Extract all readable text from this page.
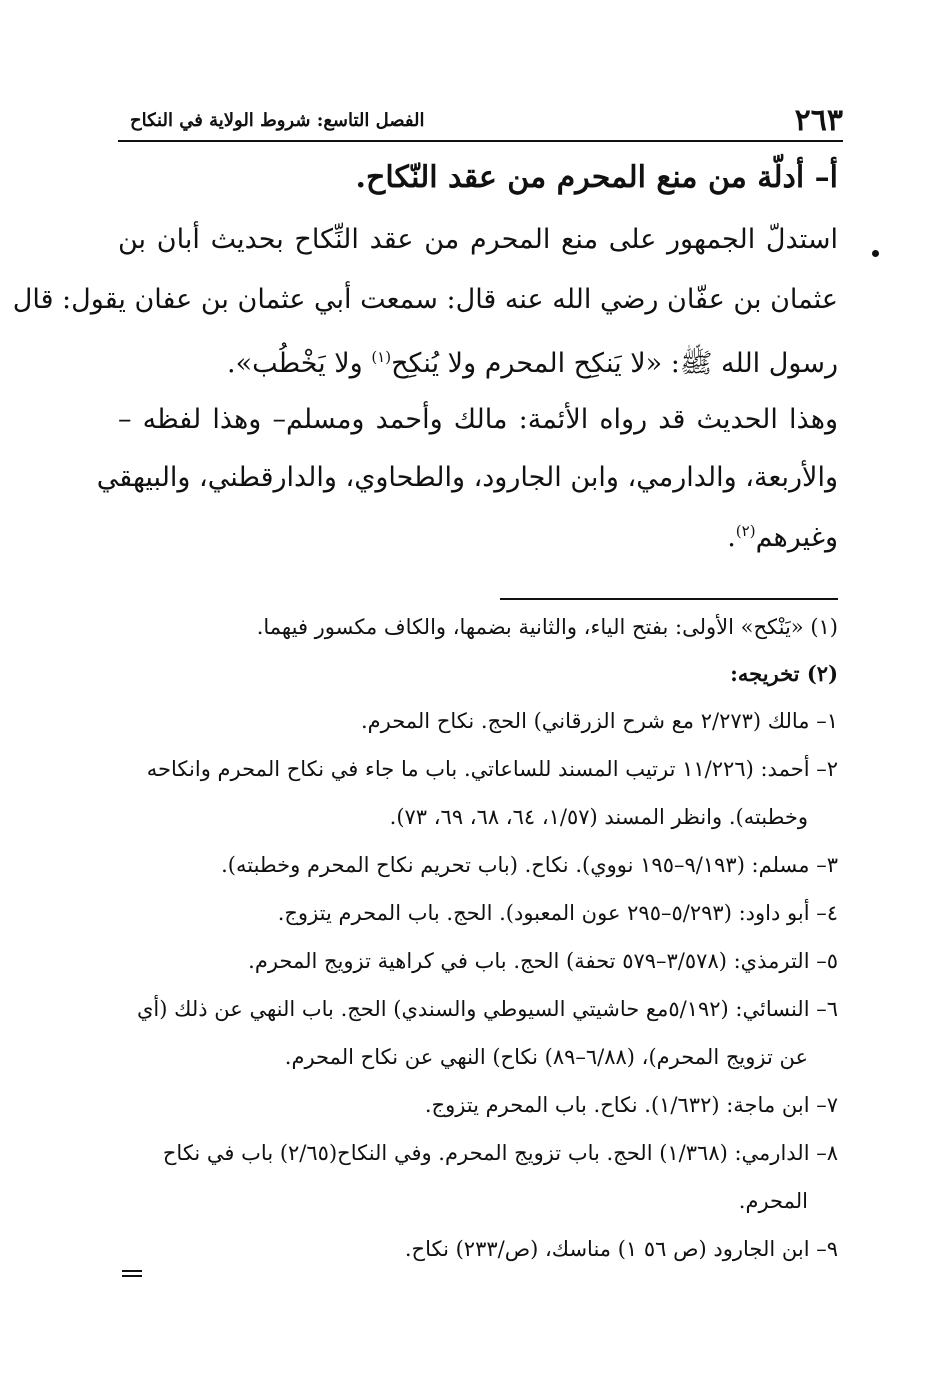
٢٦٣
الفصل التاسع: شروط الولاية في النكاح
أ– أدلّة من منع المحرم من عقد النّكاح.
استدلّ الجمهور على منع المحرم من عقد النِّكاح بحديث أبان بن
عثمان بن عفّان رضي الله عنه قال: سمعت أبي عثمان بن عفان يقول: قال
رسول الله ﷺ: «لا يَنكِح المحرم ولا يُنكِح$^{(١)}$ ولا يَخْطُب».
وهذا الحديث قد رواه الأئمة: مالك وأحمد ومسلم– وهذا لفظه –
والأربعة، والدارمي، وابن الجارود، والطحاوي، والدارقطني، والبيهقي
وغيرهم$^{(٢)}$.
(١) «يَنْكح» الأولى: بفتح الياء، والثانية بضمها، والكاف مكسور فيهما.
(٢) تخريجه:
١– مالك (٢/٢٧٣ مع شرح الزرقاني) الحج. نكاح المحرم.
٢– أحمد: (١١/٢٢٦ ترتيب المسند للساعاتي. باب ما جاء في نكاح المحرم وانكاحه
وخطبته). وانظر المسند (١/٥٧، ٦٤، ٦٨، ٦٩، ٧٣).
٣– مسلم: (٩/١٩٣–١٩٥ نووي). نكاح. (باب تحريم نكاح المحرم وخطبته).
٤– أبو داود: (٥/٢٩٣–٢٩٥ عون المعبود). الحج. باب المحرم يتزوج.
٥– الترمذي: (٣/٥٧٨–٥٧٩ تحفة) الحج. باب في كراهية تزويج المحرم.
٦– النسائي: (٥/١٩٢مع حاشيتي السيوطي والسندي) الحج. باب النهي عن ذلك (أي
عن تزويج المحرم)، (٦/٨٨–٨٩) نكاح) النهي عن نكاح المحرم.
٧– ابن ماجة: (١/٦٣٢). نكاح. باب المحرم يتزوج.
٨– الدارمي: (١/٣٦٨) الحج. باب تزويج المحرم. وفي النكاح(٢/٦٥) باب في نكاح
المحرم.
٩– ابن الجارود (ص ٥٦ ١) مناسك، (ص/٢٣٣) نكاح.
